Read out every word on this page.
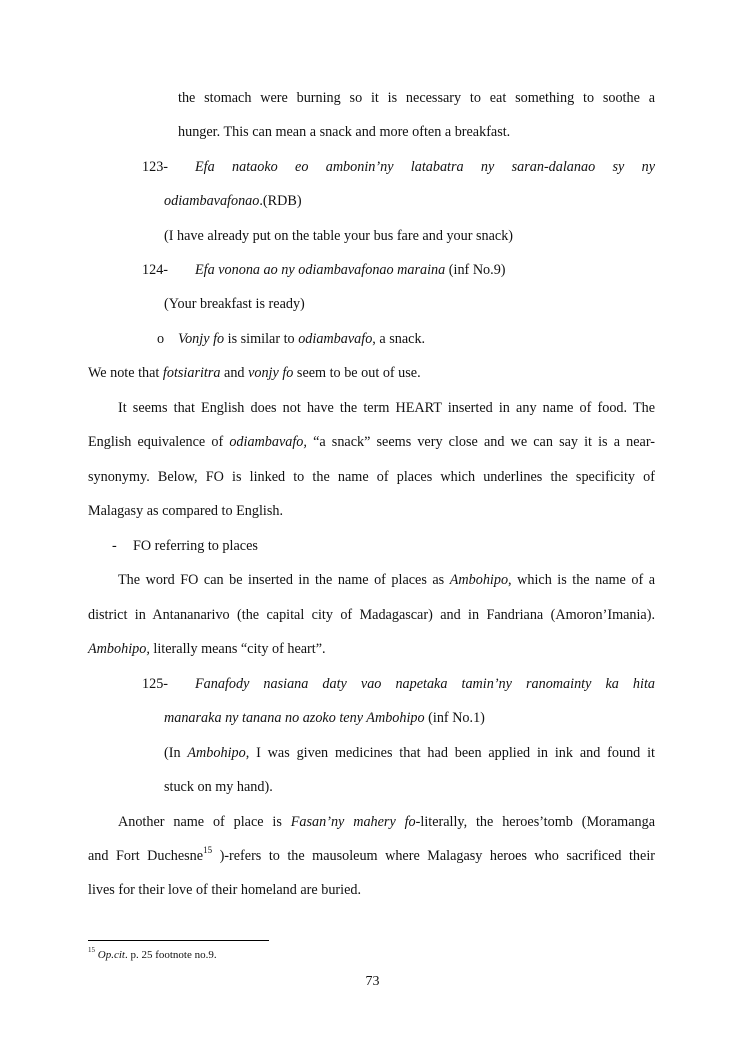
the stomach were burning so it is necessary to eat something to soothe a
hunger. This can mean a snack and more often a breakfast.
123- Efa nataoko eo ambonin’ny latabatra ny saran-dalanao sy ny
odiambavafonao.(RDB)
(I have already put on the table your bus fare and your snack)
124- Efa vonona ao ny odiambavafonao maraina (inf No.9)
(Your breakfast is ready)
o Vonjy fo is similar to odiambavafo, a snack.
We note that fotsiaritra and vonjy fo seem to be out of use.
It seems that English does not have the term HEART inserted in any name of food. The
English equivalence of odiambavafo, “a snack” seems very close and we can say it is a near-
synonymy. Below, FO is linked to the name of places which underlines the specificity of
Malagasy as compared to English.
- FO referring to places
The word FO can be inserted in the name of places as Ambohipo, which is the name of a
district in Antananarivo (the capital city of Madagascar) and in Fandriana (Amoron’Imania).
Ambohipo, literally means “city of heart”.
125- Fanafody nasiana daty vao napetaka tamin’ny ranomainty ka hita
manaraka ny tanana no azoko teny Ambohipo (inf No.1)
(In Ambohipo, I was given medicines that had been applied in ink and found it
stuck on my hand).
Another name of place is Fasan’ny mahery fo-literally, the heroes’tomb (Moramanga
and Fort Duchesne$^{15}$ )-refers to the mausoleum where Malagasy heroes who sacrificed their
lives for their love of their homeland are buried.
$^{15}$ Op.cit. p. 25 footnote no.9.
73
